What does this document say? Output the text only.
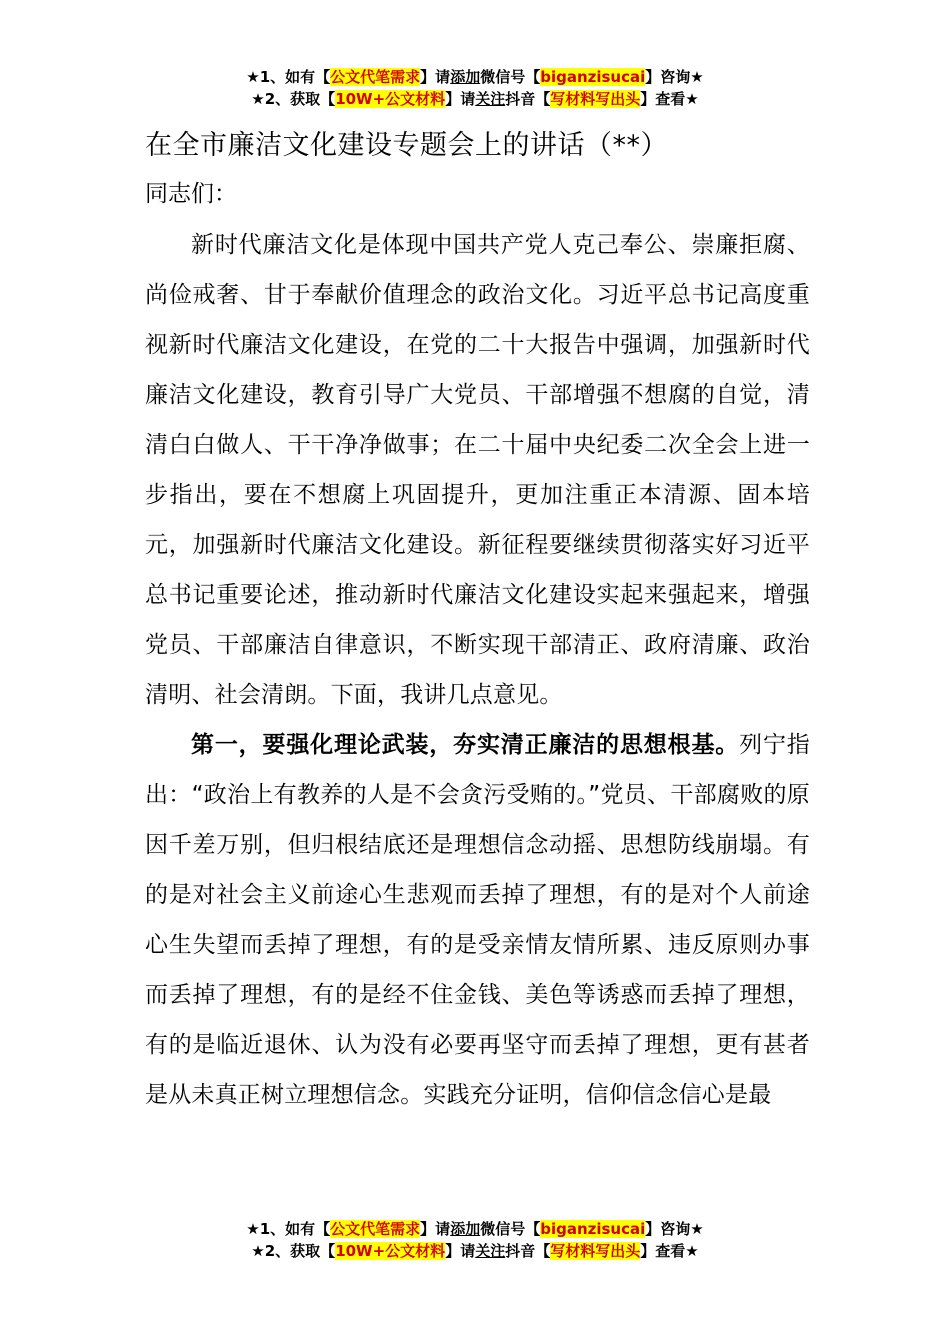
★1、如有【公文代笔需求】请添加微信号【biganzisucai】咨询★
★2、获取【10W+公文材料】请关注抖音【写材料写出头】查看★
在全市廉洁文化建设专题会上的讲话（**）
同志们：

新时代廉洁文化是体现中国共产党人克己奉公、崇廉拒腐、尚俭戒奢、甘于奉献价值理念的政治文化。习近平总书记高度重视新时代廉洁文化建设，在党的二十大报告中强调，加强新时代廉洁文化建设，教育引导广大党员、干部增强不想腐的自觉，清清白白做人、干干净净做事；在二十届中央纪委二次全会上进一步指出，要在不想腐上巩固提升，更加注重正本清源、固本培元，加强新时代廉洁文化建设。新征程要继续贯彻落实好习近平总书记重要论述，推动新时代廉洁文化建设实起来强起来，增强党员、干部廉洁自律意识，不断实现干部清正、政府清廉、政治清明、社会清朗。下面，我讲几点意见。

第一，要强化理论武装，夯实清正廉洁的思想根基。列宁指出：“政治上有教养的人是不会贪污受贿的。”党员、干部腐败的原因千差万别，但归根结底还是理想信念动摇、思想防线崩塌。有的是对社会主义前途心生悲观而丢掉了理想，有的是对个人前途心生失望而丢掉了理想，有的是受亲情友情所累、违反原则办事而丢掉了理想，有的是经不住金钱、美色等诱惑而丢掉了理想，有的是临近退休、认为没有必要再坚守而丢掉了理想，更有甚者是从未真正树立理想信念。实践充分证明，信仰信念信心是最

★1、如有【公文代笔需求】请添加微信号【biganzisucai】咨询★
★2、获取【10W+公文材料】请关注抖音【写材料写出头】查看★
